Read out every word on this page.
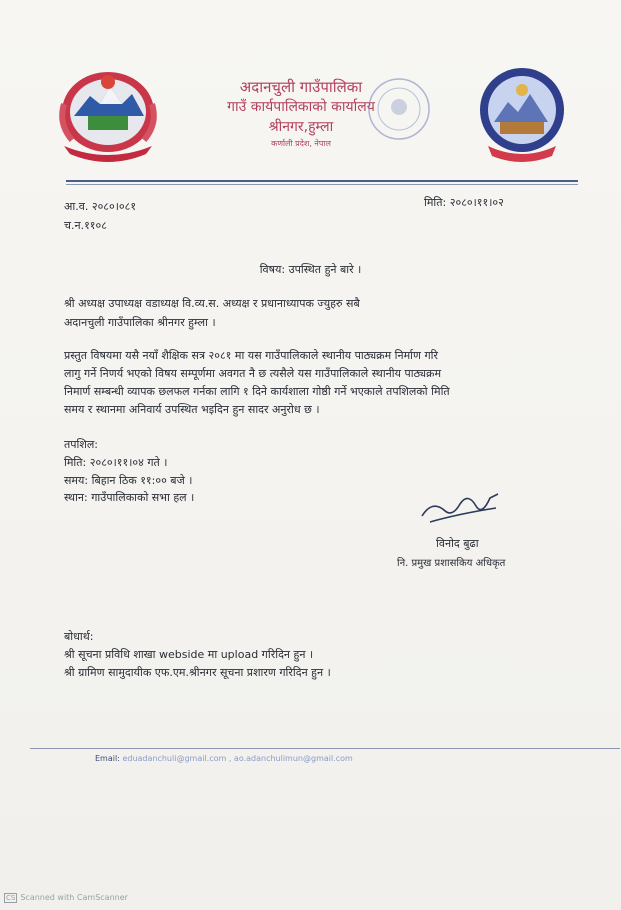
अदानचुली गाउँपालिका
गाउँ कार्यपालिकाको कार्यालय
श्रीनगर,हुम्ला
कर्णाली प्रदेश, नेपाल
आ.व. २०८०।०८१
च.न.११०८
मिति: २०८०।११।०२
विषय: उपस्थित हुने बारे ।
श्री अध्यक्ष उपाध्यक्ष वडाध्यक्ष वि.व्य.स. अध्यक्ष र प्रधानाध्यापक ज्युहरु सबै
अदानचुली गाउँपालिका श्रीनगर हुम्ला ।
प्रस्तुत विषयमा यसै नयाँ शैक्षिक सत्र २०८१ मा यस गाउँपालिकाले स्थानीय पाठ्यक्रम निर्माण गरि
लागु गर्ने निणर्य भएको विषय सम्पूर्णमा अवगत नै छ त्यसैले यस गाउँपालिकाले स्थानीय पाठ्यक्रम
निमार्ण सम्बन्धी व्यापक छलफल गर्नका लागि १ दिने कार्यशाला गोष्ठी गर्ने भएकाले तपशिलको मिति
समय र स्थानमा अनिवार्य उपस्थित भइदिन हुन सादर अनुरोध छ ।
तपशिल:
मिति: २०८०।११।०४ गते ।
समय: बिहान ठिक ११:०० बजे ।
स्थान: गाउँपालिकाको सभा हल ।
विनोद बुढा
नि. प्रमुख प्रशासकिय अधिकृत
बोधार्थ:
श्री सूचना प्रविधि शाखा webside मा upload गरिदिन हुन ।
श्री ग्रामिण सामुदायीक एफ.एम.श्रीनगर सूचना प्रशारण गरिदिन हुन ।
Email: eduadanchuli@gmail.com , ao.adanchulimun@gmail.com
CS Scanned with CamScanner
